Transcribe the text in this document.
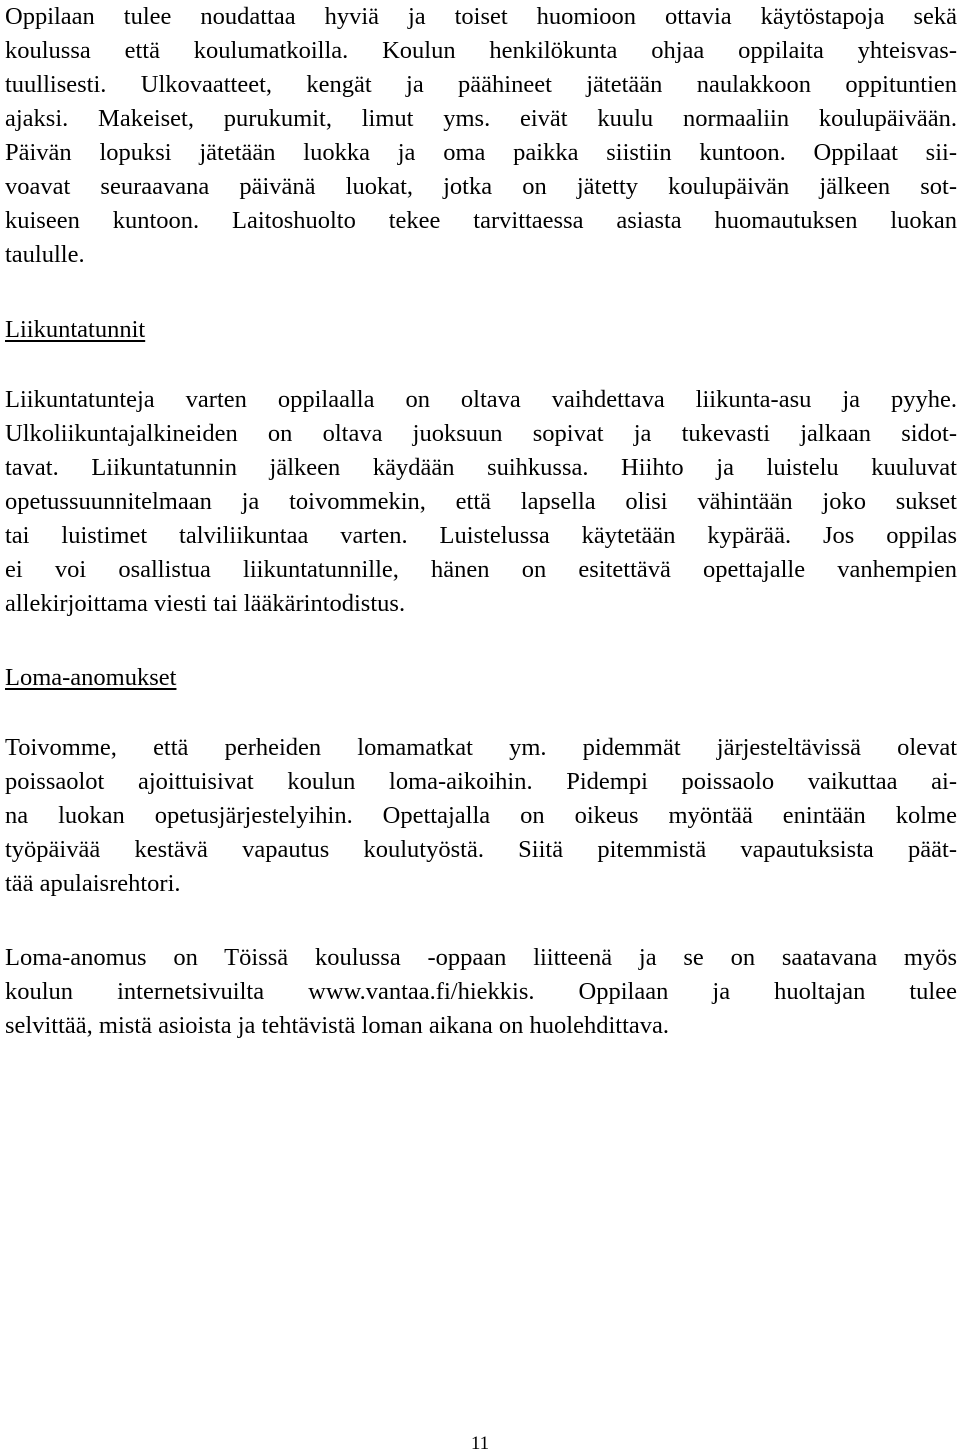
Oppilaan tulee noudattaa hyviä ja toiset huomioon ottavia käytöstapoja sekä
koulussa että koulumatkoilla. Koulun henkilökunta ohjaa oppilaita yhteisvas-
tuullisesti. Ulkovaatteet, kengät ja päähineet jätetään naulakkoon oppituntien
ajaksi. Makeiset, purukumit, limut yms. eivät kuulu normaaliin koulupäivään.
Päivän lopuksi jätetään luokka ja oma paikka siistiin kuntoon. Oppilaat sii-
voavat seuraavana päivänä luokat, jotka on jätetty koulupäivän jälkeen sot-
kuiseen kuntoon. Laitoshuolto tekee tarvittaessa asiasta huomautuksen luokan
taululle.
Liikuntatunnit
Liikuntatunteja varten oppilaalla on oltava vaihdettava liikunta-asu ja pyyhe.
Ulkoliikuntajalkineiden on oltava juoksuun sopivat ja tukevasti jalkaan sidot-
tavat. Liikuntatunnin jälkeen käydään suihkussa. Hiihto ja luistelu kuuluvat
opetussuunnitelmaan ja toivommekin, että lapsella olisi vähintään joko sukset
tai luistimet talviliikuntaa varten. Luistelussa käytetään kypärää. Jos oppilas
ei voi osallistua liikuntatunnille, hänen on esitettävä opettajalle vanhempien
allekirjoittama viesti tai lääkärintodistus.
Loma-anomukset
Toivomme, että perheiden lomamatkat ym. pidemmät järjesteltävissä olevat
poissaolot ajoittuisivat koulun loma-aikoihin. Pidempi poissaolo vaikuttaa ai-
na luokan opetusjärjestelyihin. Opettajalla on oikeus myöntää enintään kolme
työpäivää kestävä vapautus koulutyöstä. Siitä pitemmistä vapautuksista päät-
tää apulaisrehtori.
Loma-anomus on Töissä koulussa -oppaan liitteenä ja se on saatavana myös
koulun internetsivuilta www.vantaa.fi/hiekkis. Oppilaan ja huoltajan tulee
selvittää, mistä asioista ja tehtävistä loman aikana on huolehdittava.
11
